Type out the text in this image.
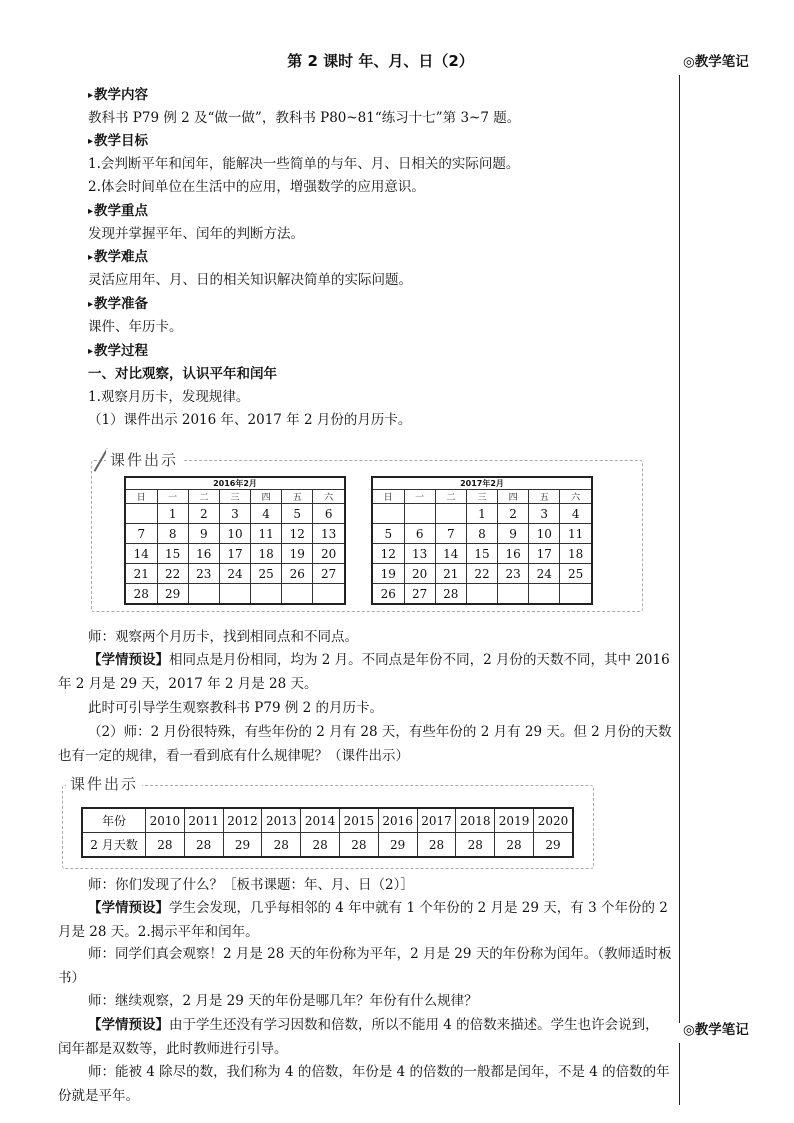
第 2 课时 年、月、日（2）	◎教学笔记
◎教学笔记
▸ 教学内容
教科书 P79 例 2 及“做一做”，教科书 P80~81“练习十七”第 3~7 题。
▸ 教学目标
1.会判断平年和闰年，能解决一些简单的与年、月、日相关的实际问题。
2.体会时间单位在生活中的应用，增强数学的应用意识。
▸ 教学重点
发现并掌握平年、闰年的判断方法。
▸ 教学难点
灵活应用年、月、日的相关知识解决简单的实际问题。
▸ 教学准备
课件、年历卡。
▸ 教学过程
一、对比观察，认识平年和闰年
1.观察月历卡，发现规律。
（1）课件出示 2016 年、2017 年 2 月份的月历卡。
课件出示
2016年2月						
日	一	二	三	四	五	六
	1	2	3	4	5	6
7	8	9	10	11	12	13
14	15	16	17	18	19	20
21	22	23	24	25	26	27
28	29					
2017年2月						
日	一	二	三	四	五	六
			1	2	3	4
5	6	7	8	9	10	11
12	13	14	15	16	17	18
19	20	21	22	23	24	25
26	27	28				
师：观察两个月历卡，找到相同点和不同点。
【学情预设】相同点是月份相同，均为 2 月。不同点是年份不同，2 月份的天数不同，其中 2016 年 2 月是 29 天，2017 年 2 月是 28 天。
此时可引导学生观察教科书 P79 例 2 的月历卡。
（2）师：2 月份很特殊，有些年份的 2 月有 28 天，有些年份的 2 月有 29 天。但 2 月份的天数也有一定的规律，看一看到底有什么规律呢？（课件出示）
课件出示
年份	2010	2011	2012	2013	2014	2015	2016	2017	2018	2019	2020
2 月天数	28	28	29	28	28	28	29	28	28	28	29
师：你们发现了什么？［板书课题：年、月、日（2）］
【学情预设】学生会发现，几乎每相邻的 4 年中就有 1 个年份的 2 月是 29 天，有 3 个年份的 2 月是 28 天。2.揭示平年和闰年。
师：同学们真会观察！2 月是 28 天的年份称为平年，2 月是 29 天的年份称为闰年。（教师适时板书）
师：继续观察，2 月是 29 天的年份是哪几年？年份有什么规律？
【学情预设】由于学生还没有学习因数和倍数，所以不能用 4 的倍数来描述。学生也许会说到，闰年都是双数等，此时教师进行引导。
师：能被 4 除尽的数，我们称为 4 的倍数，年份是 4 的倍数的一般都是闰年，不是 4 的倍数的年份就是平年。
